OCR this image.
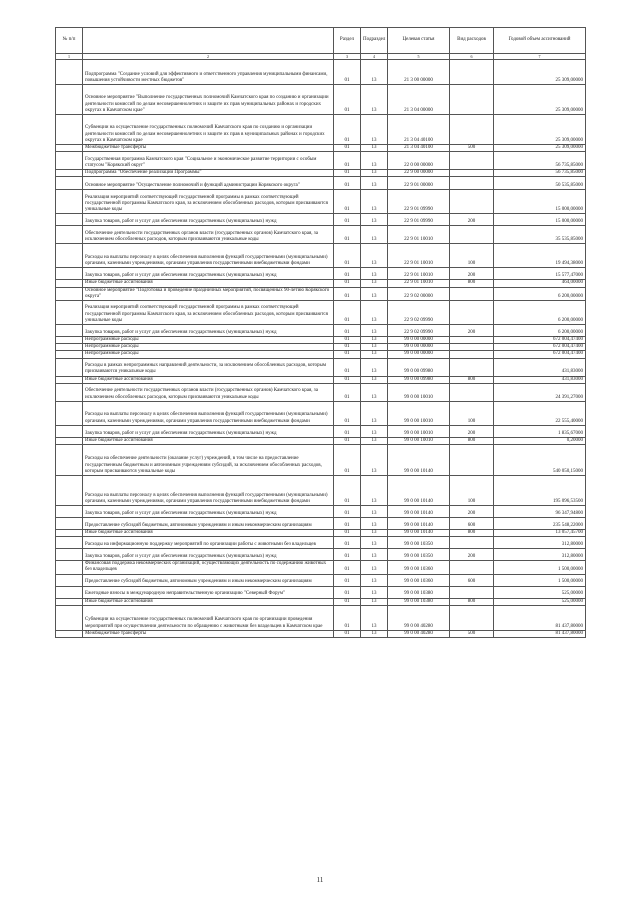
№ п/п		Раздел	Подраздел	Целевая статья	Вид расходов	Годовой объем ассигнований
1	2	3	4	5	6	7
	Подпрограмма "Создание условий для эффективного и ответственного управления муниципальными финансами, повышения устойчивости местных бюджетов"	01	13	21 3 00 00000		25 309,00000
	Основное мероприятие "Выполнение государственных полномочий Камчатского края по созданию и организации деятельности комиссий по делам несовершеннолетних и защите их прав муниципальных районах и городских округах в Камчатском крае"	01	13	21 3 04 00000		25 309,00000
	Субвенции на осуществление государственных полномочий Камчатского края по созданию и организации деятельности комиссий по делам несовершеннолетних и защите их прав в муниципальных районах и городских округах в Камчатском крае	01	13	21 3 04 40100		25 309,00000
	Межбюджетные трансферты	01	13	21 3 04 40100	500	25 309,00000
	Государственная программа Камчатского края "Социальное и экономическое развитие территории с особым статусом "Корякский округ"	01	13	22 0 00 00000		56 735,85000
	Подпрограмма "Обеспечение реализации Программы"	01	13	22 9 00 00000		56 735,85000
	Основное мероприятие "Осуществление полномочий и функций администрации Корякского округа"	01	13	22 9 01 00000		50 535,85000
	Реализация мероприятий соответствующей государственной программы в рамках соответствующей государственной программы Камчатского края, за исключением обособленных расходов, которым присваиваются уникальные коды	01	13	22 9 01 09990		15 000,00000
	Закупка товаров, работ и услуг для обеспечения государственных (муниципальных) нужд	01	13	22 9 01 09990	200	15 000,00000
	Обеспечение деятельности государственных органов власти (государственных органов) Камчатского края, за исключением обособленных расходов, которым присваиваются уникальные коды	01	13	22 9 01 10010		35 535,85000
	Расходы на выплаты персоналу в целях обеспечения выполнения функций государственными (муниципальными) органами, казенными учреждениями, органами управления государственными внебюджетными фондами	01	13	22 9 01 10010	100	19 494,38000
	Закупка товаров, работ и услуг для обеспечения государственных (муниципальных) нужд	01	13	22 9 01 10010	200	15 577,47000
	Иные бюджетные ассигнования	01	13	22 9 01 10010	800	464,00000
	Основное мероприятие "Подготовка и проведение праздничных мероприятий, посвященных 90-летию Корякского округа"	01	13	22 9 02 00000		6 200,00000
	Реализация мероприятий соответствующей государственной программы в рамках соответствующей государственной программы Камчатского края, за исключением обособленных расходов, которым присваиваются уникальные коды	01	13	22 9 02 09990		6 200,00000
	Закупка товаров, работ и услуг для обеспечения государственных (муниципальных) нужд	01	13	22 9 02 09990	200	6 200,00000
	Непрограммные расходы	01	13	99 0 00 00000		672 004,47400
	Непрограммные расходы	01	13	99 0 00 00000		672 004,47400
	Непрограммные расходы	01	13	99 0 00 00000		672 004,47400
	Расходы в рамках непрограммных направлений деятельности, за исключением обособленных расходов, которым присваиваются уникальные коды	01	13	99 0 00 09980		431,83000
	Иные бюджетные ассигнования	01	13	99 0 00 09980	800	431,83000
	Обеспечение деятельности государственных органов власти (государственных органов) Камчатского края, за исключением обособленных расходов, которым присваиваются уникальные коды	01	13	99 0 00 10010		24 391,27000
	Расходы на выплаты персоналу в целях обеспечения выполнения функций государственными (муниципальными) органами, казенными учреждениями, органами управления государственными внебюджетными фондами	01	13	99 0 00 10010	100	22 555,40000
	Закупка товаров, работ и услуг для обеспечения государственных (муниципальных) нужд	01	13	99 0 00 10010	200	1 835,67000
	Иные бюджетные ассигнования	01	13	99 0 00 10010	800	0,20000
	Расходы на обеспечение деятельности (оказание услуг) учреждений, в том числе на предоставление государственным бюджетным и автономным учреждениям субсидий, за исключением обособленных расходов, которым присваиваются уникальные коды	01	13	99 0 00 10140		540 050,15000
	Расходы на выплаты персоналу в целях обеспечения выполнения функций государственными (муниципальными) органами, казенными учреждениями, органами управления государственными внебюджетными фондами	01	13	99 0 00 10140	100	195 096,53500
	Закупка товаров, работ и услуг для обеспечения государственных (муниципальных) нужд	01	13	99 0 00 10140	200	96 347,94800
	Предоставление субсидий бюджетным, автономным учреждениям и иным некоммерческим организациям	01	13	99 0 00 10140	600	235 548,22000
	Иные бюджетные ассигнования	01	13	99 0 00 10140	800	13 057,45700
	Расходы на информационную поддержку мероприятий по организации работы с животными без владельцев	01	13	99 0 00 10350		312,80000
	Закупка товаров, работ и услуг для обеспечения государственных (муниципальных) нужд	01	13	99 0 00 10350	200	312,80000
	Финансовая поддержка некоммерческих организаций, осуществляющих деятельность по содержанию животных без владельцев	01	13	99 0 00 10360		1 500,00000
	Предоставление субсидий бюджетным, автономным учреждениям и иным некоммерческим организациям	01	13	99 0 00 10360	600	1 500,00000
	Ежегодные взносы в международную неправительственную организацию "Северный Форум"	01	13	99 0 00 10380		525,00000
	Иные бюджетные ассигнования	01	13	99 0 00 10380	800	525,00000
	Субвенции на осуществление государственных полномочий Камчатского края по организации проведения мероприятий при осуществлении деятельности по обращению с животными без владельцев в Камчатском крае	01	13	99 0 00 40280		81 437,80000
	Межбюджетные трансферты	01	13	99 0 00 40280	500	81 437,80000
11
